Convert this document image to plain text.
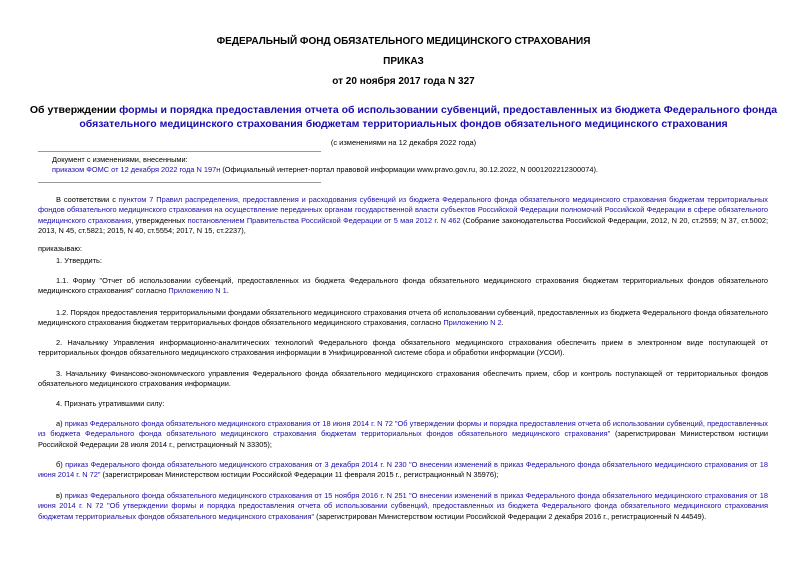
ФЕДЕРАЛЬНЫЙ ФОНД ОБЯЗАТЕЛЬНОГО МЕДИЦИНСКОГО СТРАХОВАНИЯ
ПРИКАЗ
от 20 ноября 2017 года N 327
Об утверждении формы и порядка предоставления отчета об использовании субвенций, предоставленных из бюджета Федерального фонда обязательного медицинского страхования бюджетам территориальных фондов обязательного медицинского страхования
(с изменениями на 12 декабря 2022 года)
Документ с изменениями, внесенными:
приказом ФОМС от 12 декабря 2022 года N 197н (Официальный интернет-портал правовой информации www.pravo.gov.ru, 30.12.2022, N 0001202212300074).
В соответствии с пунктом 7 Правил распределения, предоставления и расходования субвенций из бюджета Федерального фонда обязательного медицинского страхования бюджетам территориальных фондов обязательного медицинского страхования на осуществление переданных органам государственной власти субъектов Российской Федерации полномочий Российской Федерации в сфере обязательного медицинского страхования, утвержденных постановлением Правительства Российской Федерации от 5 мая 2012 г. N 462 (Собрание законодательства Российской Федерации, 2012, N 20, ст.2559; N 37, ст.5002; 2013, N 45, ст.5821; 2015, N 40, ст.5554; 2017, N 15, ст.2237),
приказываю:
1. Утвердить:
1.1. Форму "Отчет об использовании субвенций, предоставленных из бюджета Федерального фонда обязательного медицинского страхования бюджетам территориальных фондов обязательного медицинского страхования" согласно Приложению N 1.
1.2. Порядок предоставления территориальными фондами обязательного медицинского страхования отчета об использовании субвенций, предоставленных из бюджета Федерального фонда обязательного медицинского страхования бюджетам территориальных фондов обязательного медицинского страхования, согласно Приложению N 2.
2. Начальнику Управления информационно-аналитических технологий Федерального фонда обязательного медицинского страхования обеспечить прием в электронном виде поступающей от территориальных фондов обязательного медицинского страхования информации в Унифицированной системе сбора и обработки информации (УСОИ).
3. Начальнику Финансово-экономического управления Федерального фонда обязательного медицинского страхования обеспечить прием, сбор и контроль поступающей от территориальных фондов обязательного медицинского страхования информации.
4. Признать утратившими силу:
а) приказ Федерального фонда обязательного медицинского страхования от 18 июня 2014 г. N 72 "Об утверждении формы и порядка предоставления отчета об использовании субвенций, предоставленных из бюджета Федерального фонда обязательного медицинского страхования бюджетам территориальных фондов обязательного медицинского страхования" (зарегистрирован Министерством юстиции Российской Федерации 28 июля 2014 г., регистрационный N 33305);
б) приказ Федерального фонда обязательного медицинского страхования от 3 декабря 2014 г. N 230 "О внесении изменений в приказ Федерального фонда обязательного медицинского страхования от 18 июня 2014 г. N 72" (зарегистрирован Министерством юстиции Российской Федерации 11 февраля 2015 г., регистрационный N 35976);
в) приказ Федерального фонда обязательного медицинского страхования от 15 ноября 2016 г. N 251 "О внесении изменений в приказ Федерального фонда обязательного медицинского страхования от 18 июня 2014 г. N 72 "Об утверждении формы и порядка предоставления отчета об использовании субвенций, предоставленных из бюджета Федерального фонда обязательного медицинского страхования бюджетам территориальных фондов обязательного медицинского страхования" (зарегистрирован Министерством юстиции Российской Федерации 2 декабря 2016 г., регистрационный N 44549).
